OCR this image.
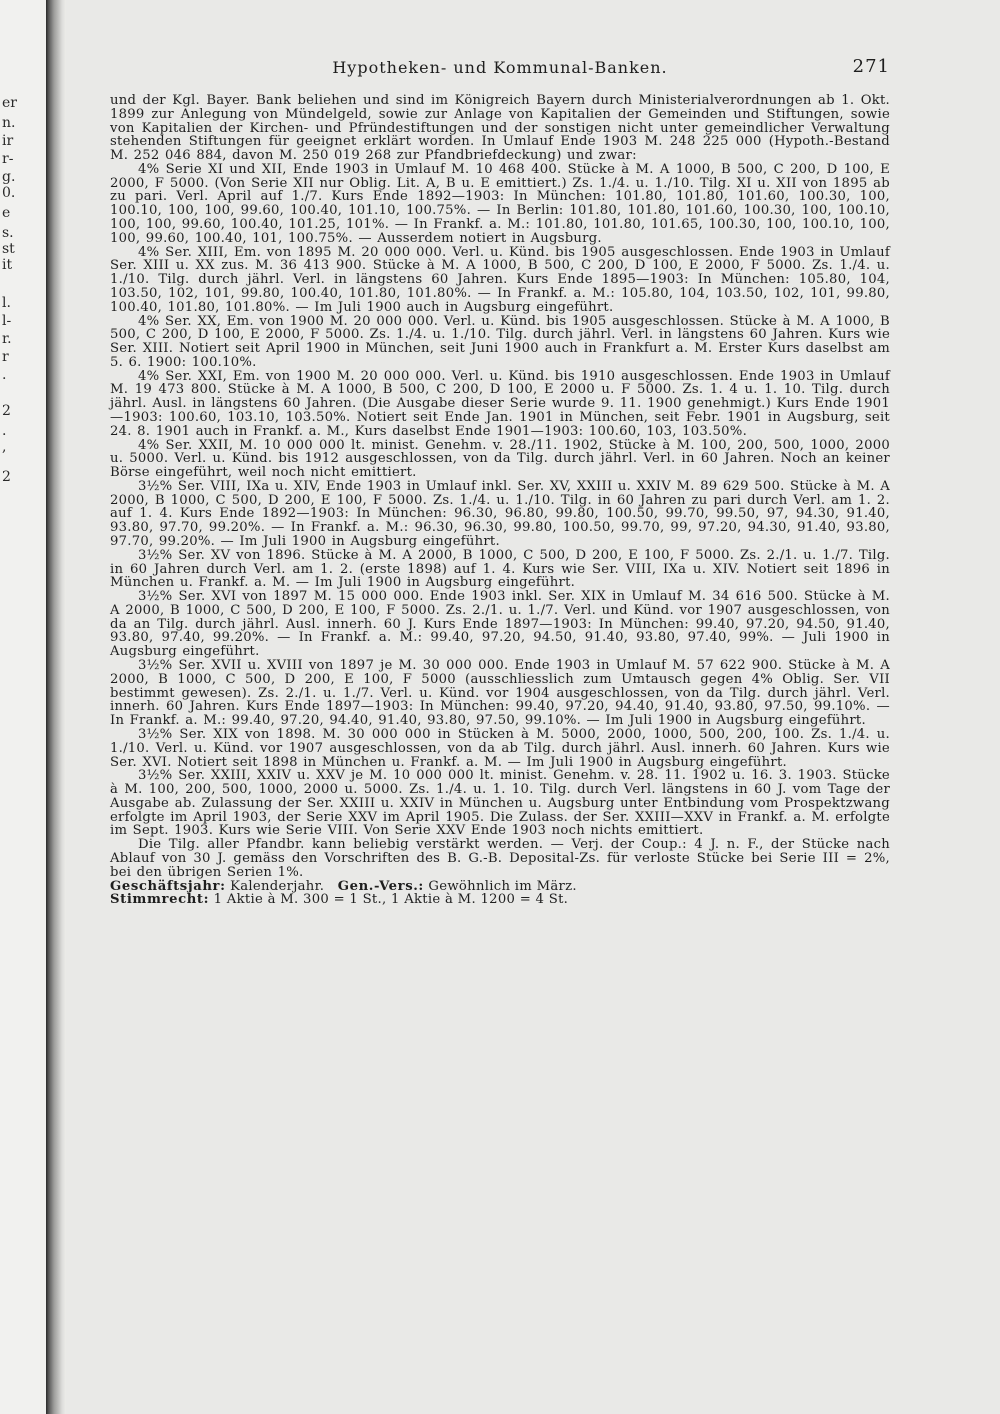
er
n.
ir
r-
g.
0.
e
s.
st
it
l.
l-
r.
r
.
2
.
,
2
Hypotheken- und Kommunal-Banken.	271

und der Kgl. Bayer. Bank beliehen und sind im Königreich Bayern durch Ministerialverordnungen ab 1. Okt. 1899 zur Anlegung von Mündelgeld, sowie zur Anlage von Kapitalien der Gemeinden und Stiftungen, sowie von Kapitalien der Kirchen- und Pfründestiftungen und der sonstigen nicht unter gemeindlicher Verwaltung stehenden Stiftungen für geeignet erklärt worden. In Umlauf Ende 1903 M. 248 225 000 (Hypoth.-Bestand M. 252 046 884, davon M. 250 019 268 zur Pfandbriefdeckung) und zwar:

4% Serie XI und XII, Ende 1903 in Umlauf M. 10 468 400. Stücke à M. A 1000, B 500, C 200, D 100, E 2000, F 5000. (Von Serie XII nur Oblig. Lit. A, B u. E emittiert.) Zs. 1./4. u. 1./10. Tilg. XI u. XII von 1895 ab zu pari. Verl. April auf 1./7. Kurs Ende 1892—1903: In München: 101.80, 101.80, 101.60, 100.30, 100, 100.10, 100, 100, 99.60, 100.40, 101.10, 100.75%. — In Berlin: 101.80, 101.80, 101.60, 100.30, 100, 100.10, 100, 100, 99.60, 100.40, 101.25, 101%. — In Frankf. a. M.: 101.80, 101.80, 101.65, 100.30, 100, 100.10, 100, 100, 99.60, 100.40, 101, 100.75%. — Ausserdem notiert in Augsburg.

4% Ser. XIII, Em. von 1895 M. 20 000 000. Verl. u. Künd. bis 1905 ausgeschlossen. Ende 1903 in Umlauf Ser. XIII u. XX zus. M. 36 413 900. Stücke à M. A 1000, B 500, C 200, D 100, E 2000, F 5000. Zs. 1./4. u. 1./10. Tilg. durch jährl. Verl. in längstens 60 Jahren. Kurs Ende 1895—1903: In München: 105.80, 104, 103.50, 102, 101, 99.80, 100.40, 101.80, 101.80%. — In Frankf. a. M.: 105.80, 104, 103.50, 102, 101, 99.80, 100.40, 101.80, 101.80%. — Im Juli 1900 auch in Augsburg eingeführt.

4% Ser. XX, Em. von 1900 M. 20 000 000. Verl. u. Künd. bis 1905 ausgeschlossen. Stücke à M. A 1000, B 500, C 200, D 100, E 2000, F 5000. Zs. 1./4. u. 1./10. Tilg. durch jährl. Verl. in längstens 60 Jahren. Kurs wie Ser. XIII. Notiert seit April 1900 in München, seit Juni 1900 auch in Frankfurt a. M. Erster Kurs daselbst am 5. 6. 1900: 100.10%.

4% Ser. XXI, Em. von 1900 M. 20 000 000. Verl. u. Künd. bis 1910 ausgeschlossen. Ende 1903 in Umlauf M. 19 473 800. Stücke à M. A 1000, B 500, C 200, D 100, E 2000 u. F 5000. Zs. 1. 4 u. 1. 10. Tilg. durch jährl. Ausl. in längstens 60 Jahren. (Die Ausgabe dieser Serie wurde 9. 11. 1900 genehmigt.) Kurs Ende 1901—1903: 100.60, 103.10, 103.50%. Notiert seit Ende Jan. 1901 in München, seit Febr. 1901 in Augsburg, seit 24. 8. 1901 auch in Frankf. a. M., Kurs daselbst Ende 1901—1903: 100.60, 103, 103.50%.

4% Ser. XXII, M. 10 000 000 lt. minist. Genehm. v. 28./11. 1902, Stücke à M. 100, 200, 500, 1000, 2000 u. 5000. Verl. u. Künd. bis 1912 ausgeschlossen, von da Tilg. durch jährl. Verl. in 60 Jahren. Noch an keiner Börse eingeführt, weil noch nicht emittiert.

3½% Ser. VIII, IXa u. XIV, Ende 1903 in Umlauf inkl. Ser. XV, XXIII u. XXIV M. 89 629 500. Stücke à M. A 2000, B 1000, C 500, D 200, E 100, F 5000. Zs. 1./4. u. 1./10. Tilg. in 60 Jahren zu pari durch Verl. am 1. 2. auf 1. 4. Kurs Ende 1892—1903: In München: 96.30, 96.80, 99.80, 100.50, 99.70, 99.50, 97, 94.30, 91.40, 93.80, 97.70, 99.20%. — In Frankf. a. M.: 96.30, 96.30, 99.80, 100.50, 99.70, 99, 97.20, 94.30, 91.40, 93.80, 97.70, 99.20%. — Im Juli 1900 in Augsburg eingeführt.

3½% Ser. XV von 1896. Stücke à M. A 2000, B 1000, C 500, D 200, E 100, F 5000. Zs. 2./1. u. 1./7. Tilg. in 60 Jahren durch Verl. am 1. 2. (erste 1898) auf 1. 4. Kurs wie Ser. VIII, IXa u. XIV. Notiert seit 1896 in München u. Frankf. a. M. — Im Juli 1900 in Augsburg eingeführt.

3½% Ser. XVI von 1897 M. 15 000 000. Ende 1903 inkl. Ser. XIX in Umlauf M. 34 616 500. Stücke à M. A 2000, B 1000, C 500, D 200, E 100, F 5000. Zs. 2./1. u. 1./7. Verl. und Künd. vor 1907 ausgeschlossen, von da an Tilg. durch jährl. Ausl. innerh. 60 J. Kurs Ende 1897—1903: In München: 99.40, 97.20, 94.50, 91.40, 93.80, 97.40, 99.20%. — In Frankf. a. M.: 99.40, 97.20, 94.50, 91.40, 93.80, 97.40, 99%. — Juli 1900 in Augsburg eingeführt.

3½% Ser. XVII u. XVIII von 1897 je M. 30 000 000. Ende 1903 in Umlauf M. 57 622 900. Stücke à M. A 2000, B 1000, C 500, D 200, E 100, F 5000 (ausschliesslich zum Umtausch gegen 4% Oblig. Ser. VII bestimmt gewesen). Zs. 2./1. u. 1./7. Verl. u. Künd. vor 1904 ausgeschlossen, von da Tilg. durch jährl. Verl. innerh. 60 Jahren. Kurs Ende 1897—1903: In München: 99.40, 97.20, 94.40, 91.40, 93.80, 97.50, 99.10%. — In Frankf. a. M.: 99.40, 97.20, 94.40, 91.40, 93.80, 97.50, 99.10%. — Im Juli 1900 in Augsburg eingeführt.

3½% Ser. XIX von 1898. M. 30 000 000 in Stücken à M. 5000, 2000, 1000, 500, 200, 100. Zs. 1./4. u. 1./10. Verl. u. Künd. vor 1907 ausgeschlossen, von da ab Tilg. durch jährl. Ausl. innerh. 60 Jahren. Kurs wie Ser. XVI. Notiert seit 1898 in München u. Frankf. a. M. — Im Juli 1900 in Augsburg eingeführt.

3½% Ser. XXIII, XXIV u. XXV je M. 10 000 000 lt. minist. Genehm. v. 28. 11. 1902 u. 16. 3. 1903. Stücke à M. 100, 200, 500, 1000, 2000 u. 5000. Zs. 1./4. u. 1. 10. Tilg. durch Verl. längstens in 60 J. vom Tage der Ausgabe ab. Zulassung der Ser. XXIII u. XXIV in München u. Augsburg unter Entbindung vom Prospektzwang erfolgte im April 1903, der Serie XXV im April 1905. Die Zulass. der Ser. XXIII—XXV in Frankf. a. M. erfolgte im Sept. 1903. Kurs wie Serie VIII. Von Serie XXV Ende 1903 noch nichts emittiert.

Die Tilg. aller Pfandbr. kann beliebig verstärkt werden. — Verj. der Coup.: 4 J. n. F., der Stücke nach Ablauf von 30 J. gemäss den Vorschriften des B. G.-B. Deposital-Zs. für verloste Stücke bei Serie III = 2%, bei den übrigen Serien 1%.

Geschäftsjahr: Kalenderjahr. Gen.-Vers.: Gewöhnlich im März.
Stimmrecht: 1 Aktie à M. 300 = 1 St., 1 Aktie à M. 1200 = 4 St.
